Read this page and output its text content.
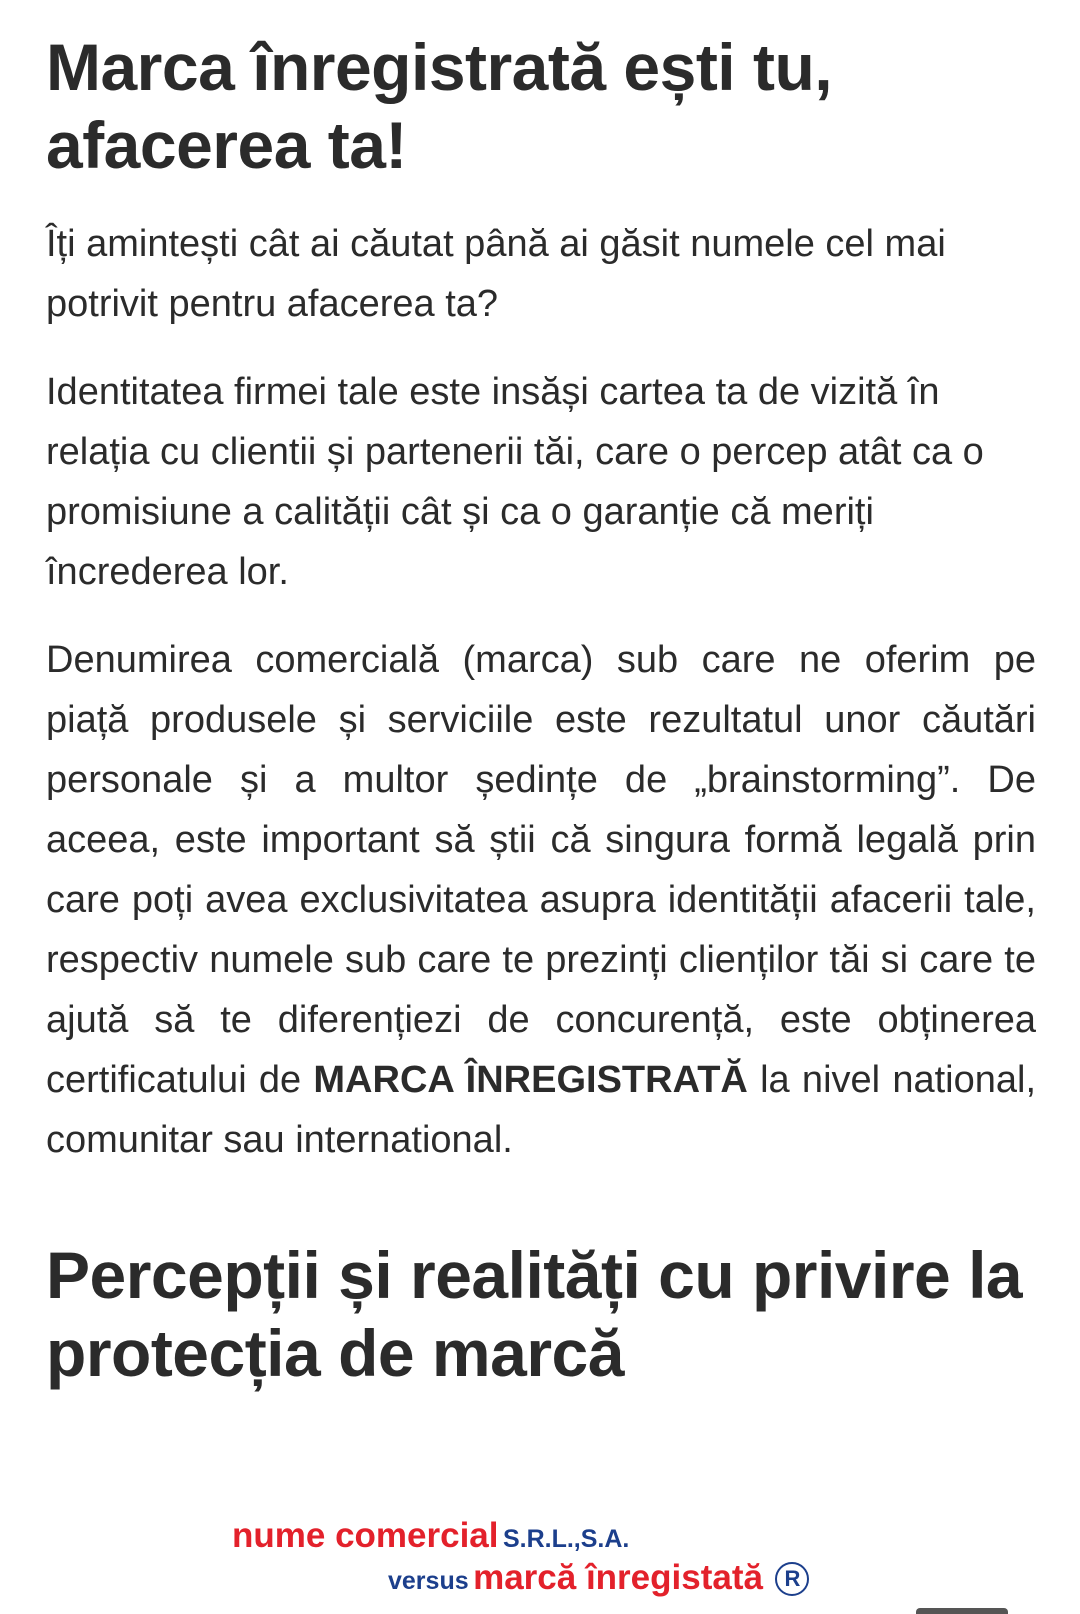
Marca înregistrată ești tu, afacerea ta!

Îți amintești cât ai căutat până ai găsit numele cel mai potrivit pentru afacerea ta?

Identitatea firmei tale este insăși cartea ta de vizită în relația cu clientii și partenerii tăi, care o percep atât ca o promisiune a calității cât și ca o garanție că meriți încrederea lor.

Denumirea comercială (marca) sub care ne oferim pe piață produsele și serviciile este rezultatul unor căutări personale și a multor ședințe de „brainstorming”. De aceea, este important să știi că singura formă legală prin care poți avea exclusivitatea asupra identității afacerii tale, respectiv numele sub care te prezinți clienților tăi si care te ajută să te diferențiezi de concurență, este obținerea certificatului de MARCA ÎNREGISTRATĂ la nivel national, comunitar sau international.

Percepții și realități cu privire la protecția de marcă
nume comercial S.R.L.,S.A.
versus marcă înregistată R
